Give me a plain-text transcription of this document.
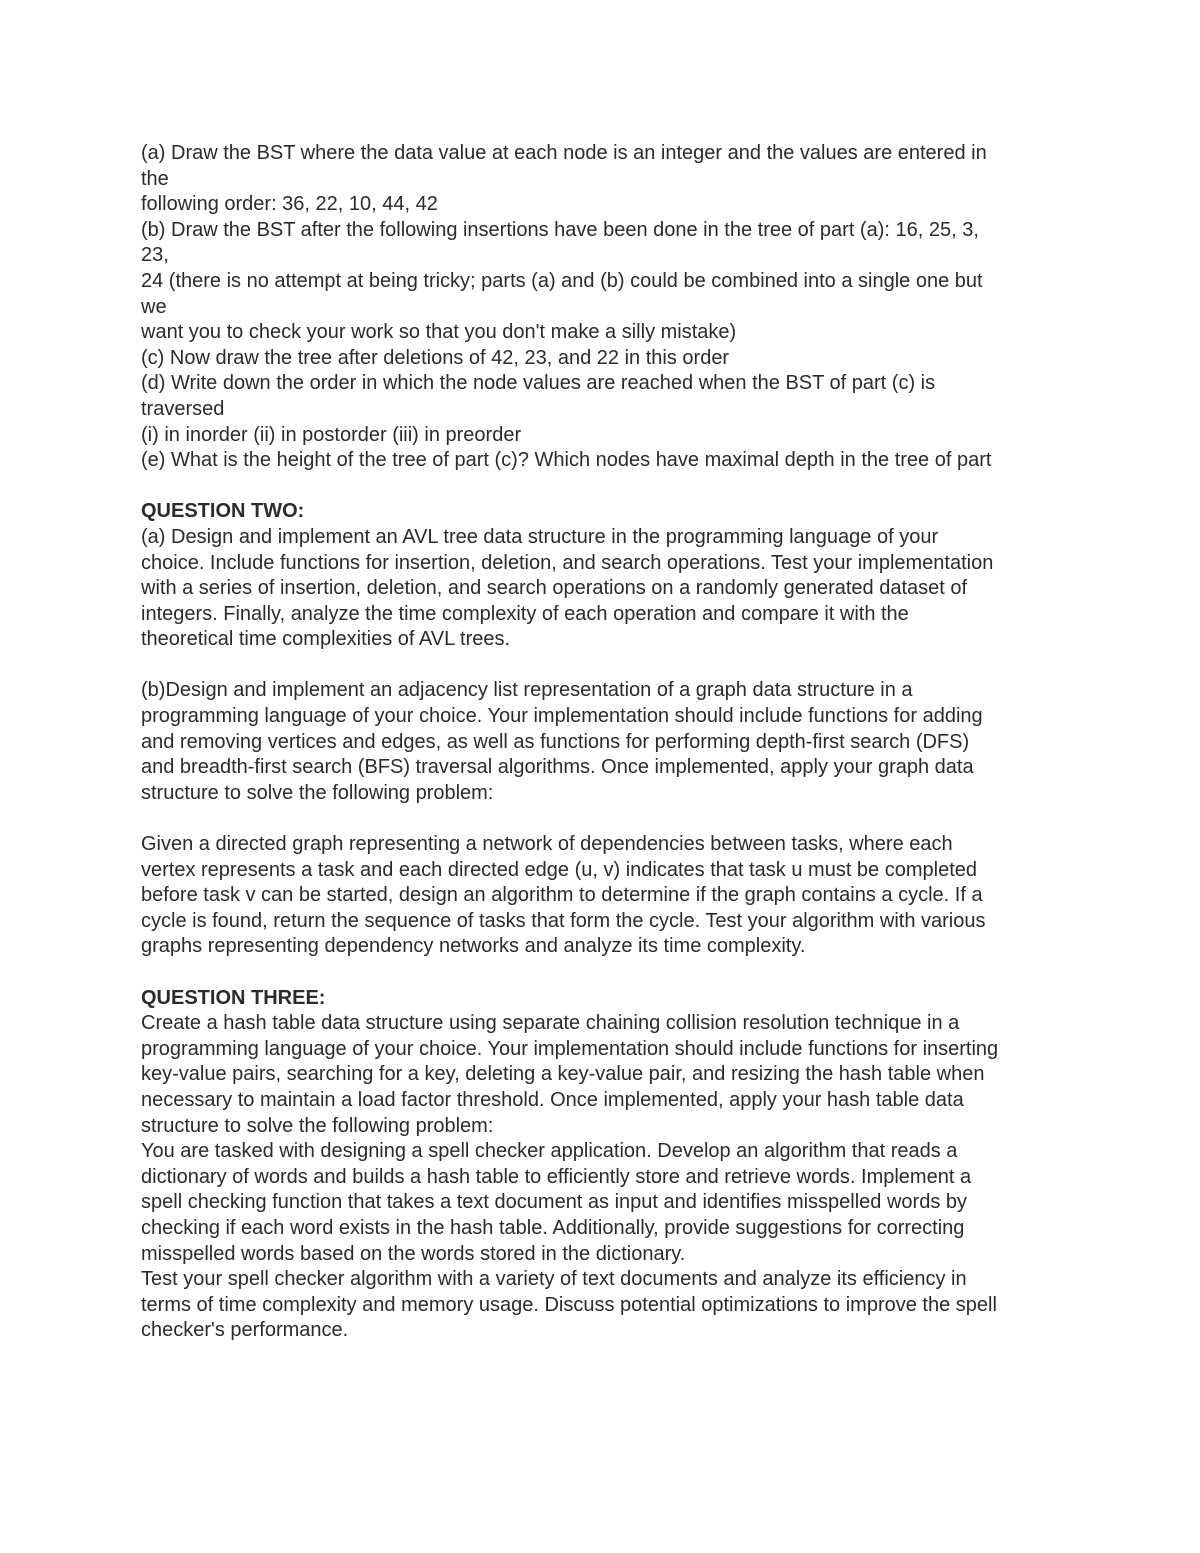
(a) Draw the BST where the data value at each node is an integer and the values are entered in
the
following order: 36, 22, 10, 44, 42
(b) Draw the BST after the following insertions have been done in the tree of part (a): 16, 25, 3,
23,
24 (there is no attempt at being tricky; parts (a) and (b) could be combined into a single one but
we
want you to check your work so that you don't make a silly mistake)
(c) Now draw the tree after deletions of 42, 23, and 22 in this order
(d) Write down the order in which the node values are reached when the BST of part (c) is
traversed
(i) in inorder (ii) in postorder (iii) in preorder
(e) What is the height of the tree of part (c)? Which nodes have maximal depth in the tree of part
QUESTION TWO:
(a) Design and implement an AVL tree data structure in the programming language of your
choice. Include functions for insertion, deletion, and search operations. Test your implementation
with a series of insertion, deletion, and search operations on a randomly generated dataset of
integers. Finally, analyze the time complexity of each operation and compare it with the
theoretical time complexities of AVL trees.
(b)Design and implement an adjacency list representation of a graph data structure in a
programming language of your choice. Your implementation should include functions for adding
and removing vertices and edges, as well as functions for performing depth-first search (DFS)
and breadth-first search (BFS) traversal algorithms. Once implemented, apply your graph data
structure to solve the following problem:
Given a directed graph representing a network of dependencies between tasks, where each
vertex represents a task and each directed edge (u, v) indicates that task u must be completed
before task v can be started, design an algorithm to determine if the graph contains a cycle. If a
cycle is found, return the sequence of tasks that form the cycle. Test your algorithm with various
graphs representing dependency networks and analyze its time complexity.
QUESTION THREE:
Create a hash table data structure using separate chaining collision resolution technique in a
programming language of your choice. Your implementation should include functions for inserting
key-value pairs, searching for a key, deleting a key-value pair, and resizing the hash table when
necessary to maintain a load factor threshold. Once implemented, apply your hash table data
structure to solve the following problem:
You are tasked with designing a spell checker application. Develop an algorithm that reads a
dictionary of words and builds a hash table to efficiently store and retrieve words. Implement a
spell checking function that takes a text document as input and identifies misspelled words by
checking if each word exists in the hash table. Additionally, provide suggestions for correcting
misspelled words based on the words stored in the dictionary.
Test your spell checker algorithm with a variety of text documents and analyze its efficiency in
terms of time complexity and memory usage. Discuss potential optimizations to improve the spell
checker's performance.
